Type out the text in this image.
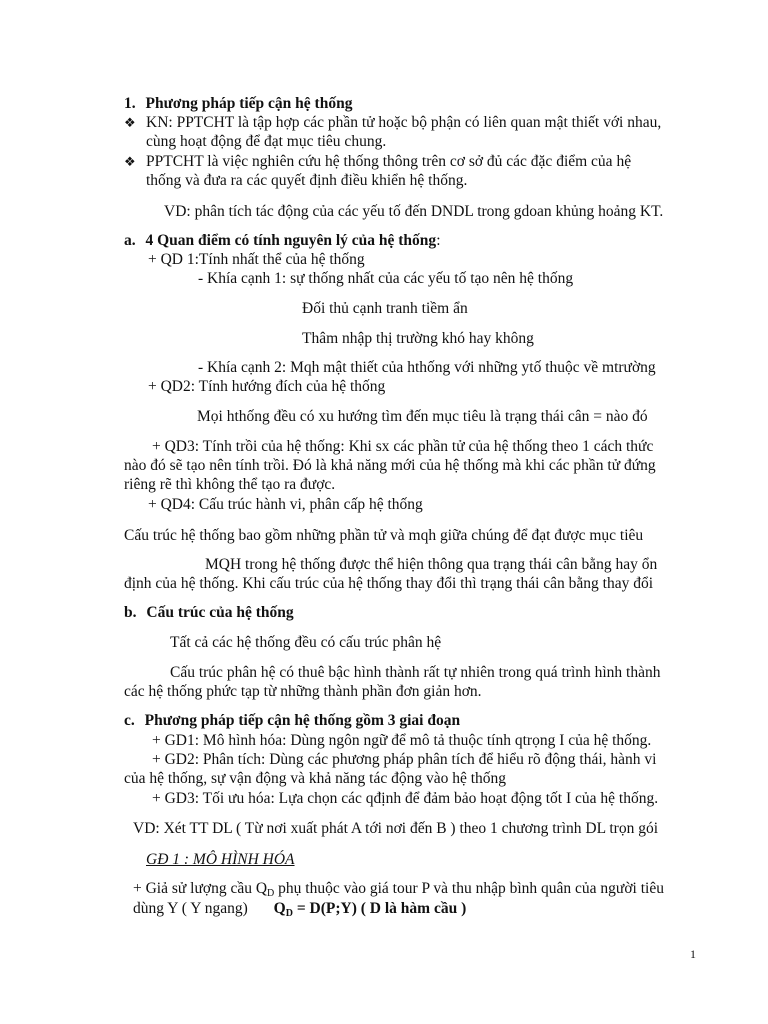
1. Phương pháp tiếp cận hệ thống
❖ KN: PPTCHT là tập hợp các phần tử hoặc bộ phận có liên quan mật thiết với nhau,
cùng hoạt động để đạt mục tiêu chung.
❖ PPTCHT là việc nghiên cứu hệ thống thông trên cơ sở đủ các đặc điểm của hệ
thống và đưa ra các quyết định điều khiển hệ thống.
VD: phân tích tác động của các yếu tố đến DNDL trong gdoan khủng hoảng KT.
a. 4 Quan điểm có tính nguyên lý của hệ thống:
+ QD 1:Tính nhất thể của hệ thống
- Khía cạnh 1: sự thống nhất của các yếu tố tạo nên hệ thống
Đối thủ cạnh tranh tiềm ẩn
Thâm nhập thị trường khó hay không
- Khía cạnh 2: Mqh mật thiết của hthống với những ytố thuộc về mtrường
+ QD2: Tính hướng đích của hệ thống
Mọi hthống đều có xu hướng tìm đến mục tiêu là trạng thái cân = nào đó
+ QD3: Tính trồi của hệ thống: Khi sx các phần tử của hệ thống theo 1 cách thức
nào đó sẽ tạo nên tính trồi. Đó là khả năng mới của hệ thống mà khi các phần tử đứng
riêng rẽ thì không thể tạo ra được.
+ QD4: Cấu trúc hành vi, phân cấp hệ thống
Cấu trúc hệ thống bao gồm những phần tử và mqh giữa chúng để đạt được mục tiêu
MQH trong hệ thống được thể hiện thông qua trạng thái cân bằng hay ổn
định của hệ thống. Khi cấu trúc của hệ thống thay đổi thì trạng thái cân bằng thay đổi
b. Cấu trúc của hệ thống
Tất cả các hệ thống đều có cấu trúc phân hệ
Cấu trúc phân hệ có thuê bậc hình thành rất tự nhiên trong quá trình hình thành
các hệ thống phức tạp từ những thành phần đơn giản hơn.
c. Phương pháp tiếp cận hệ thống gồm 3 giai đoạn
+ GD1: Mô hình hóa: Dùng ngôn ngữ để mô tả thuộc tính qtrọng I của hệ thống.
+ GD2: Phân tích: Dùng các phương pháp phân tích để hiểu rõ động thái, hành vi
của hệ thống, sự vận động và khả năng tác động vào hệ thống
+ GD3: Tối ưu hóa: Lựa chọn các qđịnh để đảm bảo hoạt động tốt I của hệ thống.
VD: Xét TT DL ( Từ nơi xuất phát A tới nơi đến B ) theo 1 chương trình DL trọn gói
GĐ 1 : MÔ HÌNH HÓA
+ Giả sử lượng cầu $Q_D$ phụ thuộc vào giá tour P và thu nhập bình quân của người tiêu
dùng Y ( Y ngang) $Q_D$ = D(P;Y) ( D là hàm cầu )
1
